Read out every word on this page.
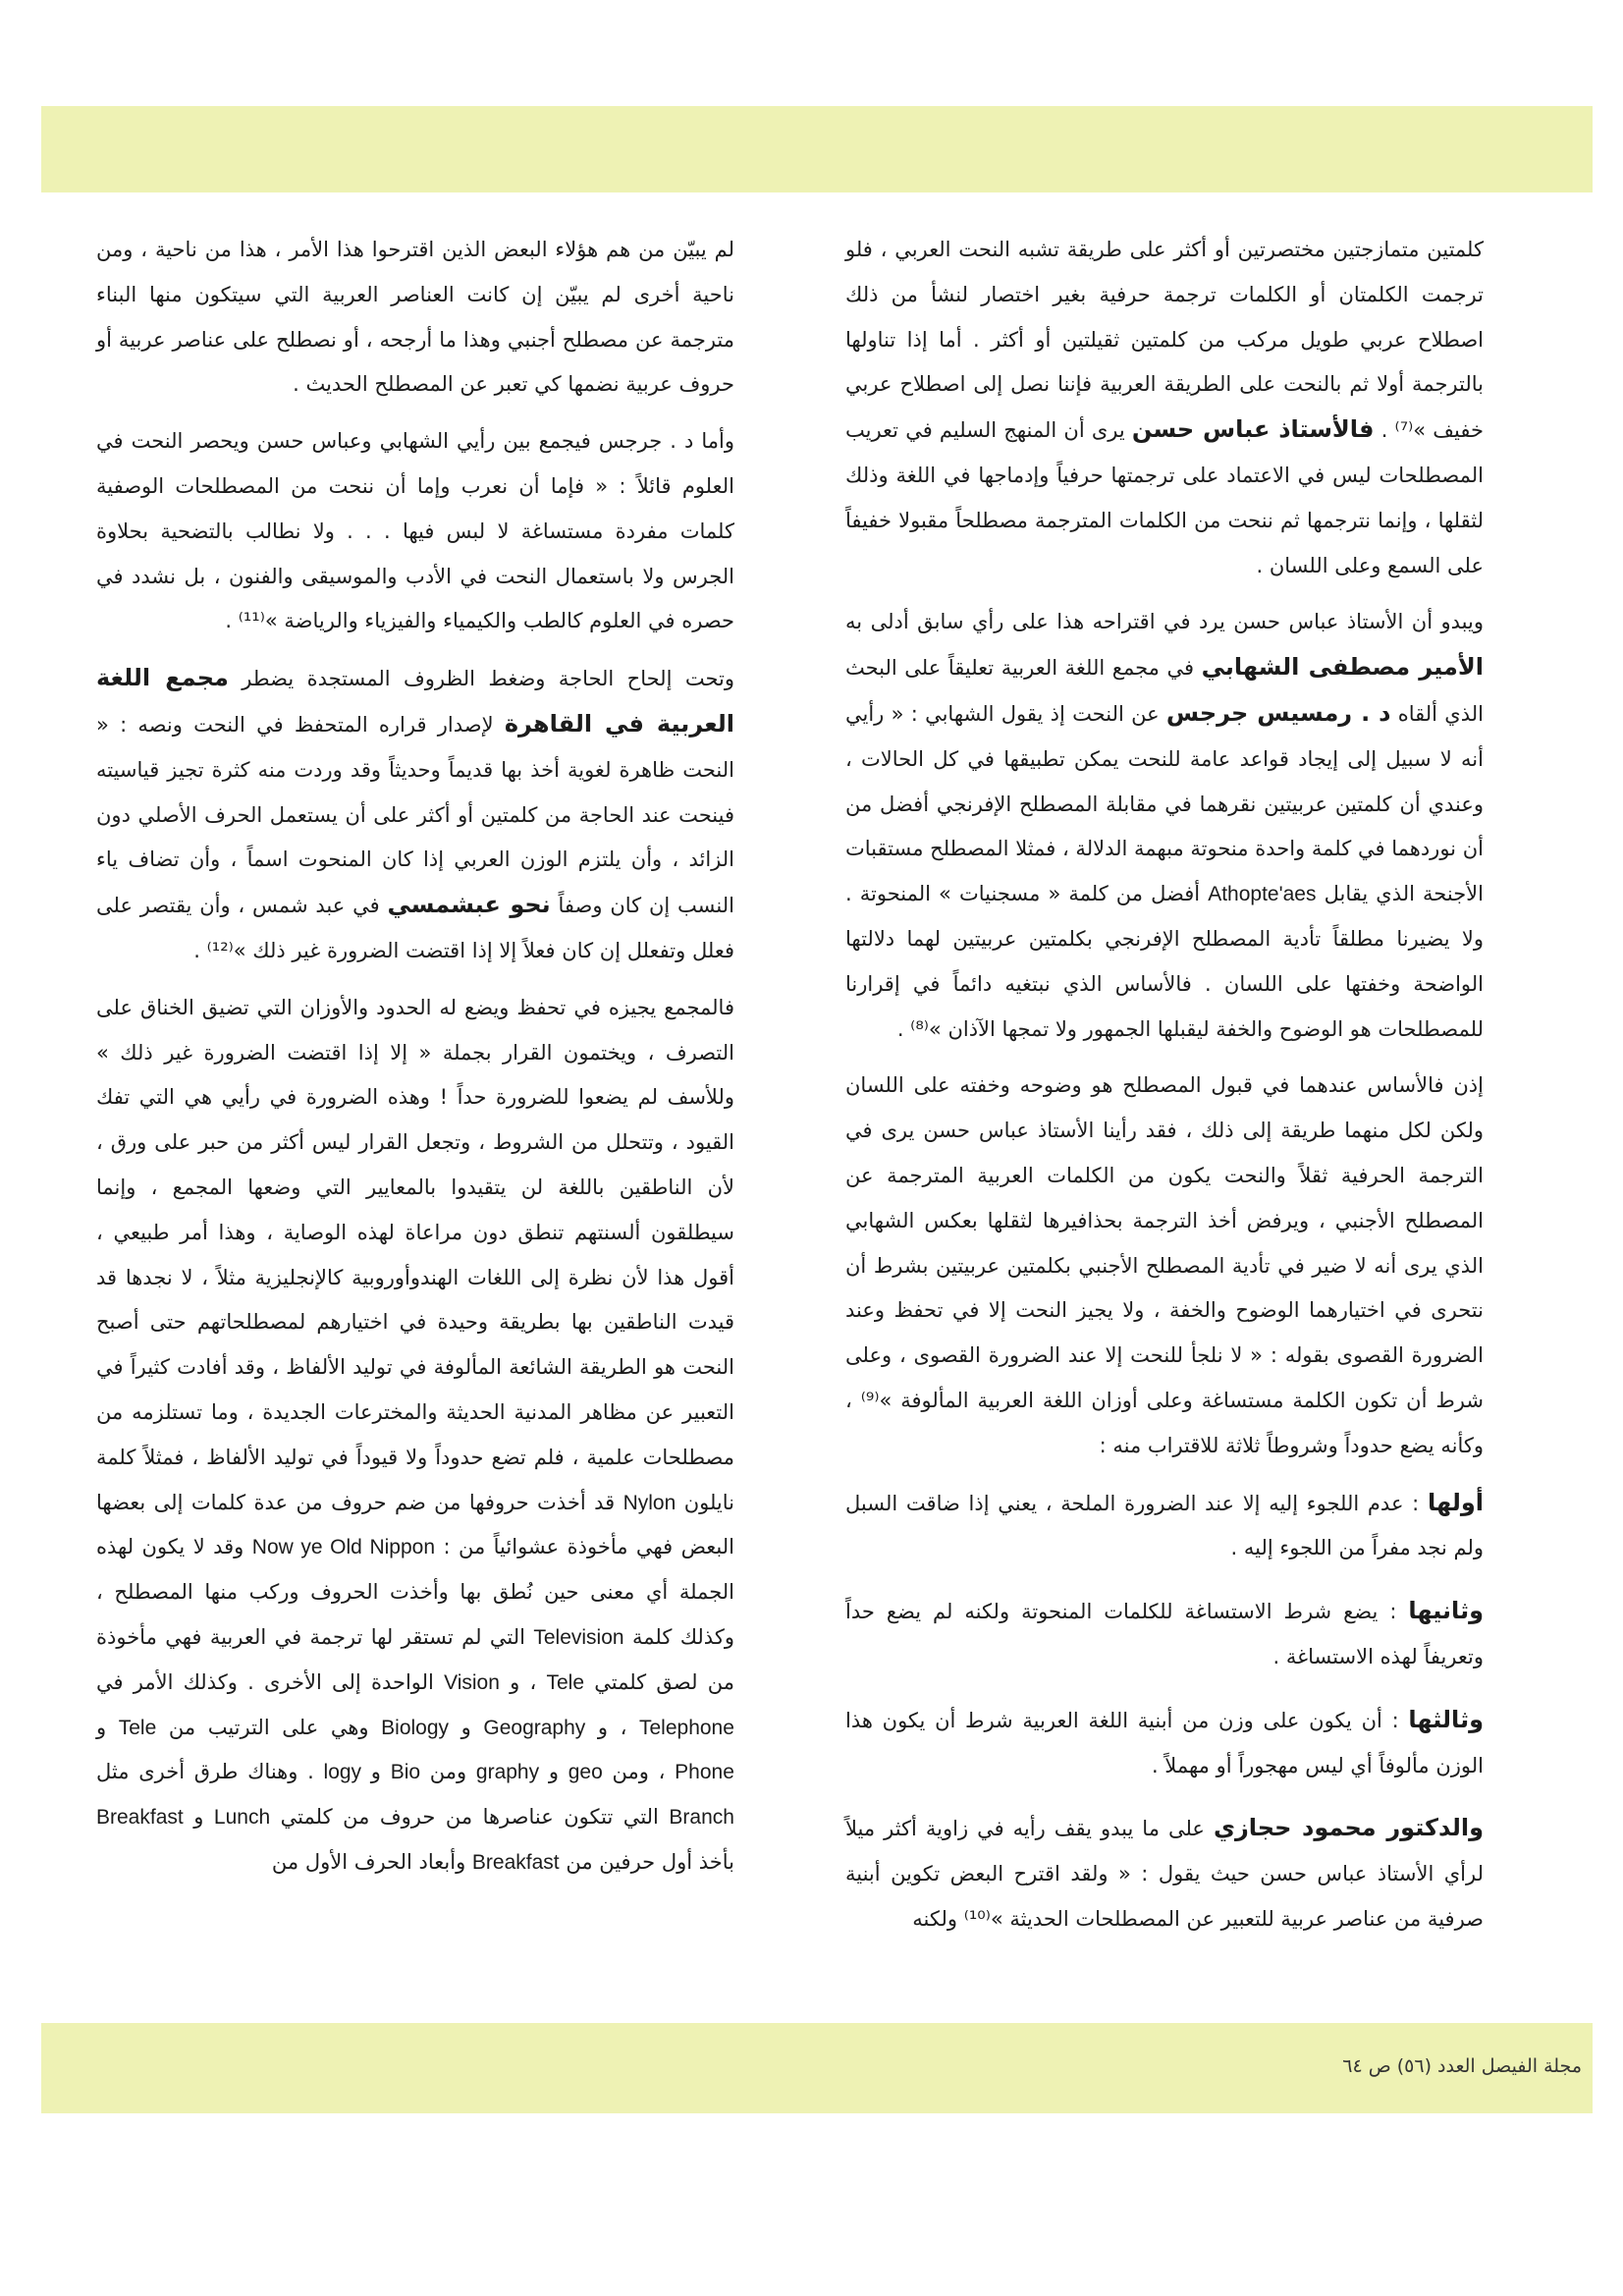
كلمتين متمازجتين مختصرتين أو أكثر على طريقة تشبه النحت العربي ، فلو ترجمت الكلمتان أو الكلمات ترجمة حرفية بغير اختصار لنشأ من ذلك اصطلاح عربي طويل مركب من كلمتين ثقيلتين أو أكثر . أما إذا تناولها بالترجمة أولا ثم بالنحت على الطريقة العربية فإننا نصل إلى اصطلاح عربي خفيف »⁽⁷⁾ . فالأستاذ عباس حسن يرى أن المنهج السليم في تعريب المصطلحات ليس في الاعتماد على ترجمتها حرفياً وإدماجها في اللغة وذلك لثقلها ، وإنما نترجمها ثم ننحت من الكلمات المترجمة مصطلحاً مقبولا خفيفاً على السمع وعلى اللسان .

ويبدو أن الأستاذ عباس حسن يرد في اقتراحه هذا على رأي سابق أدلى به الأمير مصطفى الشهابي في مجمع اللغة العربية تعليقاً على البحث الذي ألقاه د . رمسيس جرجس عن النحت إذ يقول الشهابي : « رأيي أنه لا سبيل إلى إيجاد قواعد عامة للنحت يمكن تطبيقها في كل الحالات ، وعندي أن كلمتين عربيتين نقرهما في مقابلة المصطلح الإفرنجي أفضل من أن نوردهما في كلمة واحدة منحوتة مبهمة الدلالة ، فمثلا المصطلح مستقبات الأجنحة الذي يقابل Athopte'aes أفضل من كلمة « مسجنيات » المنحوتة . ولا يضيرنا مطلقاً تأدية المصطلح الإفرنجي بكلمتين عربيتين لهما دلالتها الواضحة وخفتها على اللسان . فالأساس الذي نبتغيه دائماً في إقرارنا للمصطلحات هو الوضوح والخفة ليقبلها الجمهور ولا تمجها الآذان »⁽⁸⁾ .

إذن فالأساس عندهما في قبول المصطلح هو وضوحه وخفته على اللسان ولكن لكل منهما طريقة إلى ذلك ، فقد رأينا الأستاذ عباس حسن يرى في الترجمة الحرفية ثقلاً والنحت يكون من الكلمات العربية المترجمة عن المصطلح الأجنبي ، ويرفض أخذ الترجمة بحذافيرها لثقلها بعكس الشهابي الذي يرى أنه لا ضير في تأدية المصطلح الأجنبي بكلمتين عربيتين بشرط أن نتحرى في اختيارهما الوضوح والخفة ، ولا يجيز النحت إلا في تحفظ وعند الضرورة القصوى بقوله : « لا نلجأ للنحت إلا عند الضرورة القصوى ، وعلى شرط أن تكون الكلمة مستساغة وعلى أوزان اللغة العربية المألوفة »⁽⁹⁾ ، وكأنه يضع حدوداً وشروطاً ثلاثة للاقتراب منه :

أولها : عدم اللجوء إليه إلا عند الضرورة الملحة ، يعني إذا ضاقت السبل ولم نجد مفراً من اللجوء إليه .

وثانيها : يضع شرط الاستساغة للكلمات المنحوتة ولكنه لم يضع حداً وتعريفاً لهذه الاستساغة .

وثالثها : أن يكون على وزن من أبنية اللغة العربية شرط أن يكون هذا الوزن مألوفاً أي ليس مهجوراً أو مهملاً .

والدكتور محمود حجازي على ما يبدو يقف رأيه في زاوية أكثر ميلاً لرأي الأستاذ عباس حسن حيث يقول : « ولقد اقترح البعض تكوين أبنية صرفية من عناصر عربية للتعبير عن المصطلحات الحديثة »⁽¹⁰⁾ ولكنه

لم يبيّن من هم هؤلاء البعض الذين اقترحوا هذا الأمر ، هذا من ناحية ، ومن ناحية أخرى لم يبيّن إن كانت العناصر العربية التي سيتكون منها البناء مترجمة عن مصطلح أجنبي وهذا ما أرجحه ، أو نصطلح على عناصر عربية أو حروف عربية نضمها كي تعبر عن المصطلح الحديث .

وأما د . جرجس فيجمع بين رأيي الشهابي وعباس حسن ويحصر النحت في العلوم قائلاً : « فإما أن نعرب وإما أن ننحت من المصطلحات الوصفية كلمات مفردة مستساغة لا لبس فيها . . . ولا نطالب بالتضحية بحلاوة الجرس ولا باستعمال النحت في الأدب والموسيقى والفنون ، بل نشدد في حصره في العلوم كالطب والكيمياء والفيزياء والرياضة »⁽¹¹⁾ .

وتحت إلحاح الحاجة وضغط الظروف المستجدة يضطر مجمع اللغة العربية في القاهرة لإصدار قراره المتحفظ في النحت ونصه : « النحت ظاهرة لغوية أخذ بها قديماً وحديثاً وقد وردت منه كثرة تجيز قياسيته فينحت عند الحاجة من كلمتين أو أكثر على أن يستعمل الحرف الأصلي دون الزائد ، وأن يلتزم الوزن العربي إذا كان المنحوت اسماً ، وأن تضاف ياء النسب إن كان وصفاً نحو عبشمسي في عبد شمس ، وأن يقتصر على فعلل وتفعلل إن كان فعلاً إلا إذا اقتضت الضرورة غير ذلك »⁽¹²⁾ .

فالمجمع يجيزه في تحفظ ويضع له الحدود والأوزان التي تضيق الخناق على التصرف ، ويختمون القرار بجملة « إلا إذا اقتضت الضرورة غير ذلك » وللأسف لم يضعوا للضرورة حداً ! وهذه الضرورة في رأيي هي التي تفك القيود ، وتتحلل من الشروط ، وتجعل القرار ليس أكثر من حبر على ورق ، لأن الناطقين باللغة لن يتقيدوا بالمعايير التي وضعها المجمع ، وإنما سيطلقون ألسنتهم تنطق دون مراعاة لهذه الوصاية ، وهذا أمر طبيعي ، أقول هذا لأن نظرة إلى اللغات الهندوأوروبية كالإنجليزية مثلاً ، لا نجدها قد قيدت الناطقين بها بطريقة وحيدة في اختيارهم لمصطلحاتهم حتى أصبح النحت هو الطريقة الشائعة المألوفة في توليد الألفاظ ، وقد أفادت كثيراً في التعبير عن مظاهر المدنية الحديثة والمخترعات الجديدة ، وما تستلزمه من مصطلحات علمية ، فلم تضع حدوداً ولا قيوداً في توليد الألفاظ ، فمثلاً كلمة نايلون Nylon قد أخذت حروفها من ضم حروف من عدة كلمات إلى بعضها البعض فهي مأخوذة عشوائياً من : Now ye Old Nippon وقد لا يكون لهذه الجملة أي معنى حين نُطق بها وأخذت الحروف وركب منها المصطلح ، وكذلك كلمة Television التي لم تستقر لها ترجمة في العربية فهي مأخوذة من لصق كلمتي Tele ، و Vision الواحدة إلى الأخرى . وكذلك الأمر في Telephone ، و Geography و Biology وهي على الترتيب من Tele و Phone ، ومن geo و graphy ومن Bio و logy . وهناك طرق أخرى مثل Branch التي تتكون عناصرها من حروف من كلمتي Lunch و Breakfast بأخذ أول حرفين من Breakfast وأبعاد الحرف الأول من

مجلة الفيصل العدد (٥٦) ص ٦٤
